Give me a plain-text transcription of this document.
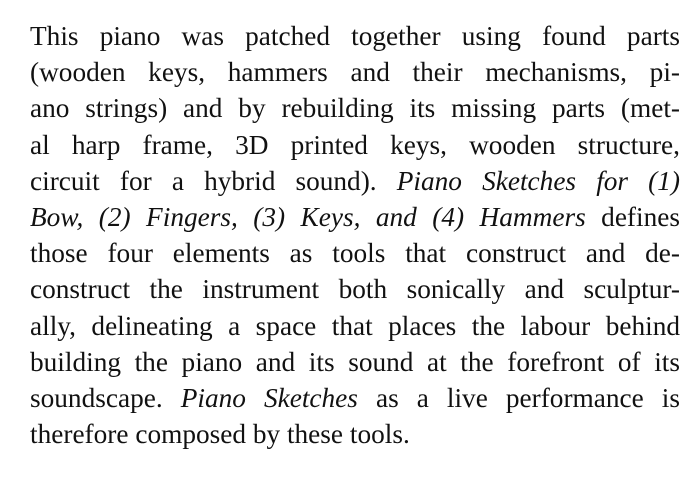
This piano was patched together using found parts
(wooden keys, hammers and their mechanisms, pi-
ano strings) and by rebuilding its missing parts (met-
al harp frame, 3D printed keys, wooden structure,
circuit for a hybrid sound). Piano Sketches for (1)
Bow, (2) Fingers, (3) Keys, and (4) Hammers defines
those four elements as tools that construct and de-
construct the instrument both sonically and sculptur-
ally, delineating a space that places the labour behind
building the piano and its sound at the forefront of its
soundscape. Piano Sketches as a live performance is
therefore composed by these tools.
